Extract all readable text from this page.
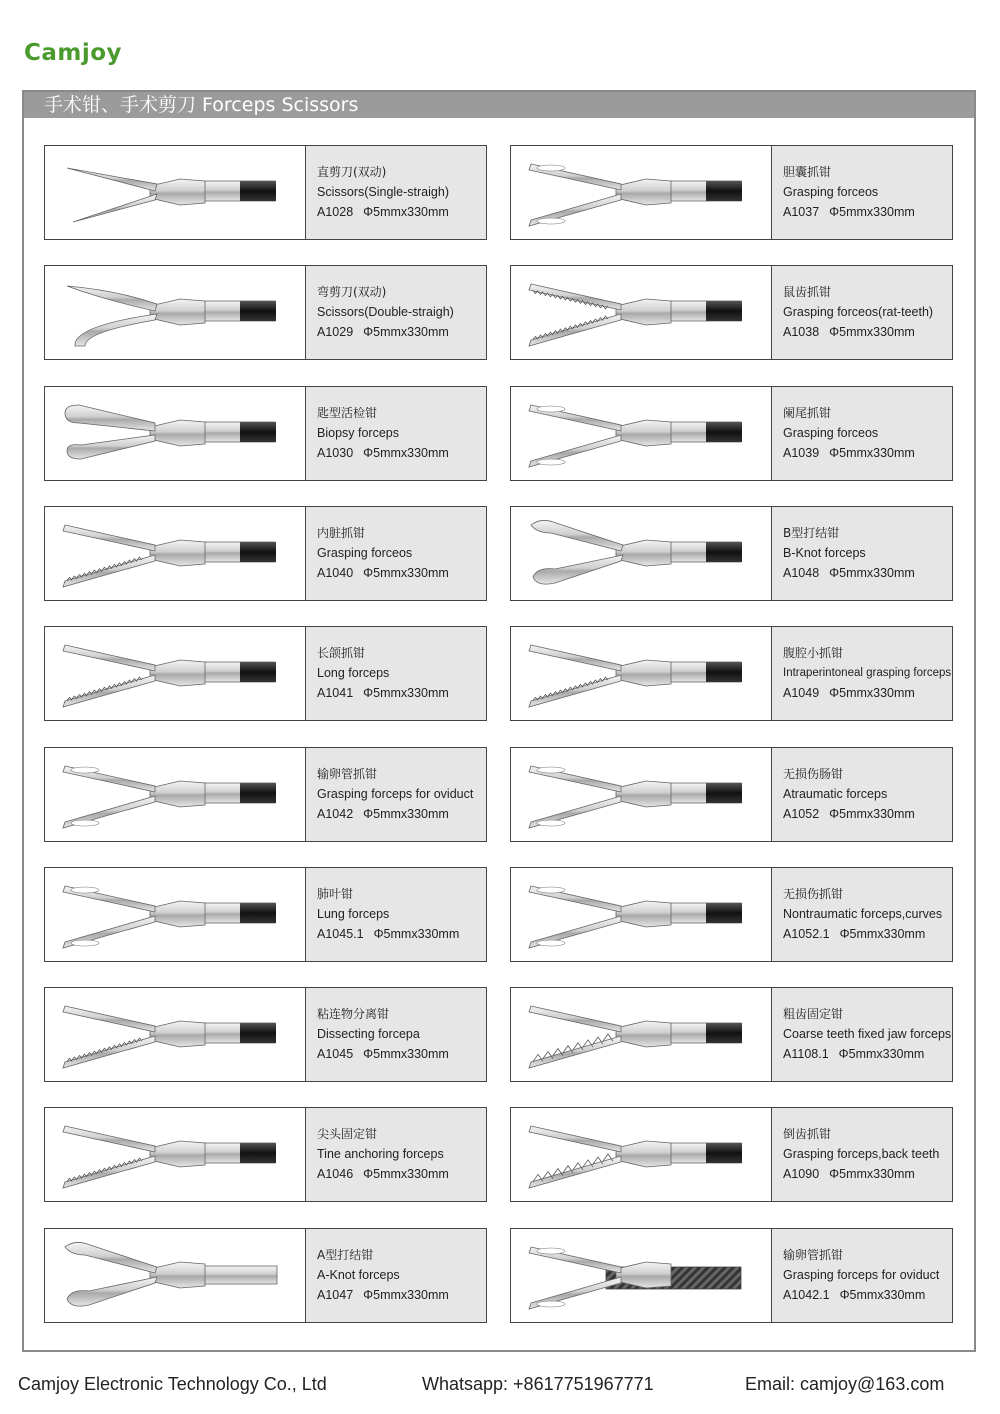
Camjoy
手术钳、手术剪刀 Forceps Scissors
直剪刀(双动)
Scissors(Single-straigh)
A1028 Φ5mmx330mm
胆囊抓钳
Grasping forceos
A1037 Φ5mmx330mm
弯剪刀(双动)
Scissors(Double-straigh)
A1029 Φ5mmx330mm
鼠齿抓钳
Grasping forceos(rat-teeth)
A1038 Φ5mmx330mm
匙型活检钳
Biopsy forceps
A1030 Φ5mmx330mm
阑尾抓钳
Grasping forceos
A1039 Φ5mmx330mm
内脏抓钳
Grasping forceos
A1040 Φ5mmx330mm
B型打结钳
B-Knot forceps
A1048 Φ5mmx330mm
长颌抓钳
Long forceps
A1041 Φ5mmx330mm
腹腔小抓钳
Intraperintoneal grasping forceps
A1049 Φ5mmx330mm
输卵管抓钳
Grasping forceps for oviduct
A1042 Φ5mmx330mm
无损伤肠钳
Atraumatic forceps
A1052 Φ5mmx330mm
肺叶钳
Lung forceps
A1045.1 Φ5mmx330mm
无损伤抓钳
Nontraumatic forceps,curves
A1052.1 Φ5mmx330mm
粘连物分离钳
Dissecting forcepa
A1045 Φ5mmx330mm
粗齿固定钳
Coarse teeth fixed jaw forceps
A1108.1 Φ5mmx330mm
尖头固定钳
Tine anchoring forceps
A1046 Φ5mmx330mm
倒齿抓钳
Grasping forceps,back teeth
A1090 Φ5mmx330mm
A型打结钳
A-Knot forceps
A1047 Φ5mmx330mm
输卵管抓钳
Grasping forceps for oviduct
A1042.1 Φ5mmx330mm
Camjoy Electronic Technology Co., Ltd	Whatsapp: +8617751967771	Email: camjoy@163.com
